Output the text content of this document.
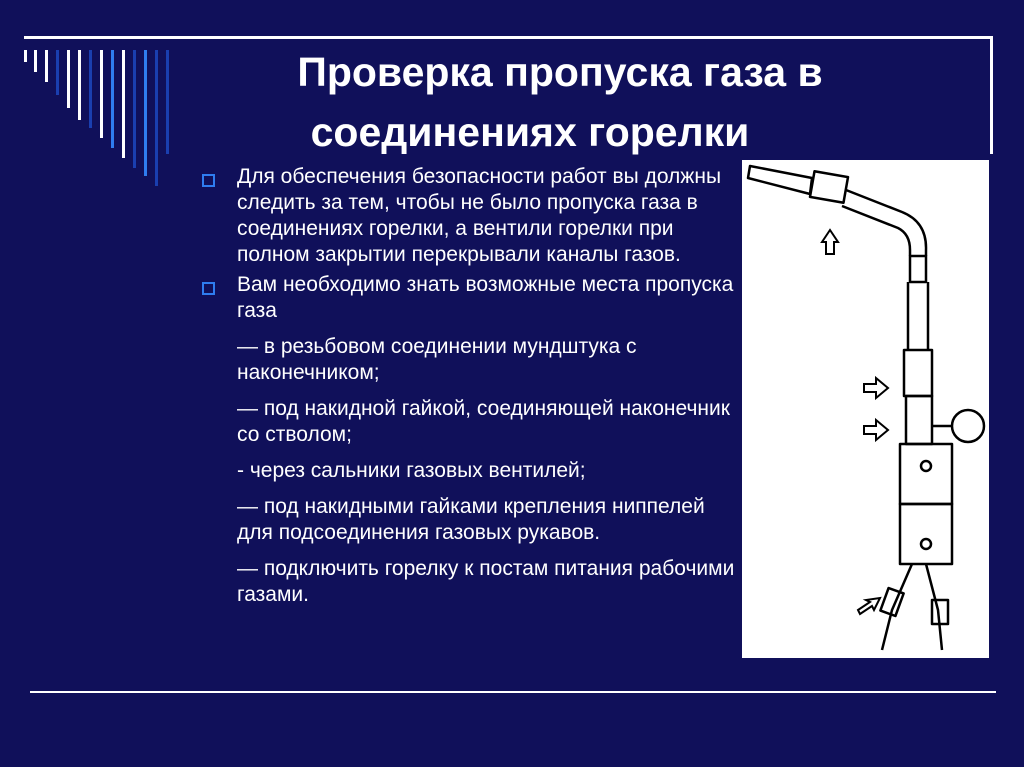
Проверка пропуска газа в
соединениях горелки
Для обеспечения безопасности работ вы должны следить за тем, чтобы не было пропуска газа в соединениях горелки, а вентили горелки при полном закрытии перекрывали каналы газов.
Вам необходимо знать возможные места пропуска газа
— в резьбовом соединении мундштука с наконечником;
— под накидной гайкой, соединяющей наконечник со стволом;
- через сальники газовых вентилей;
— под накидными гайками крепления ниппелей для подсоединения газовых рукавов.
— подключить горелку к постам питания рабочими газами.
